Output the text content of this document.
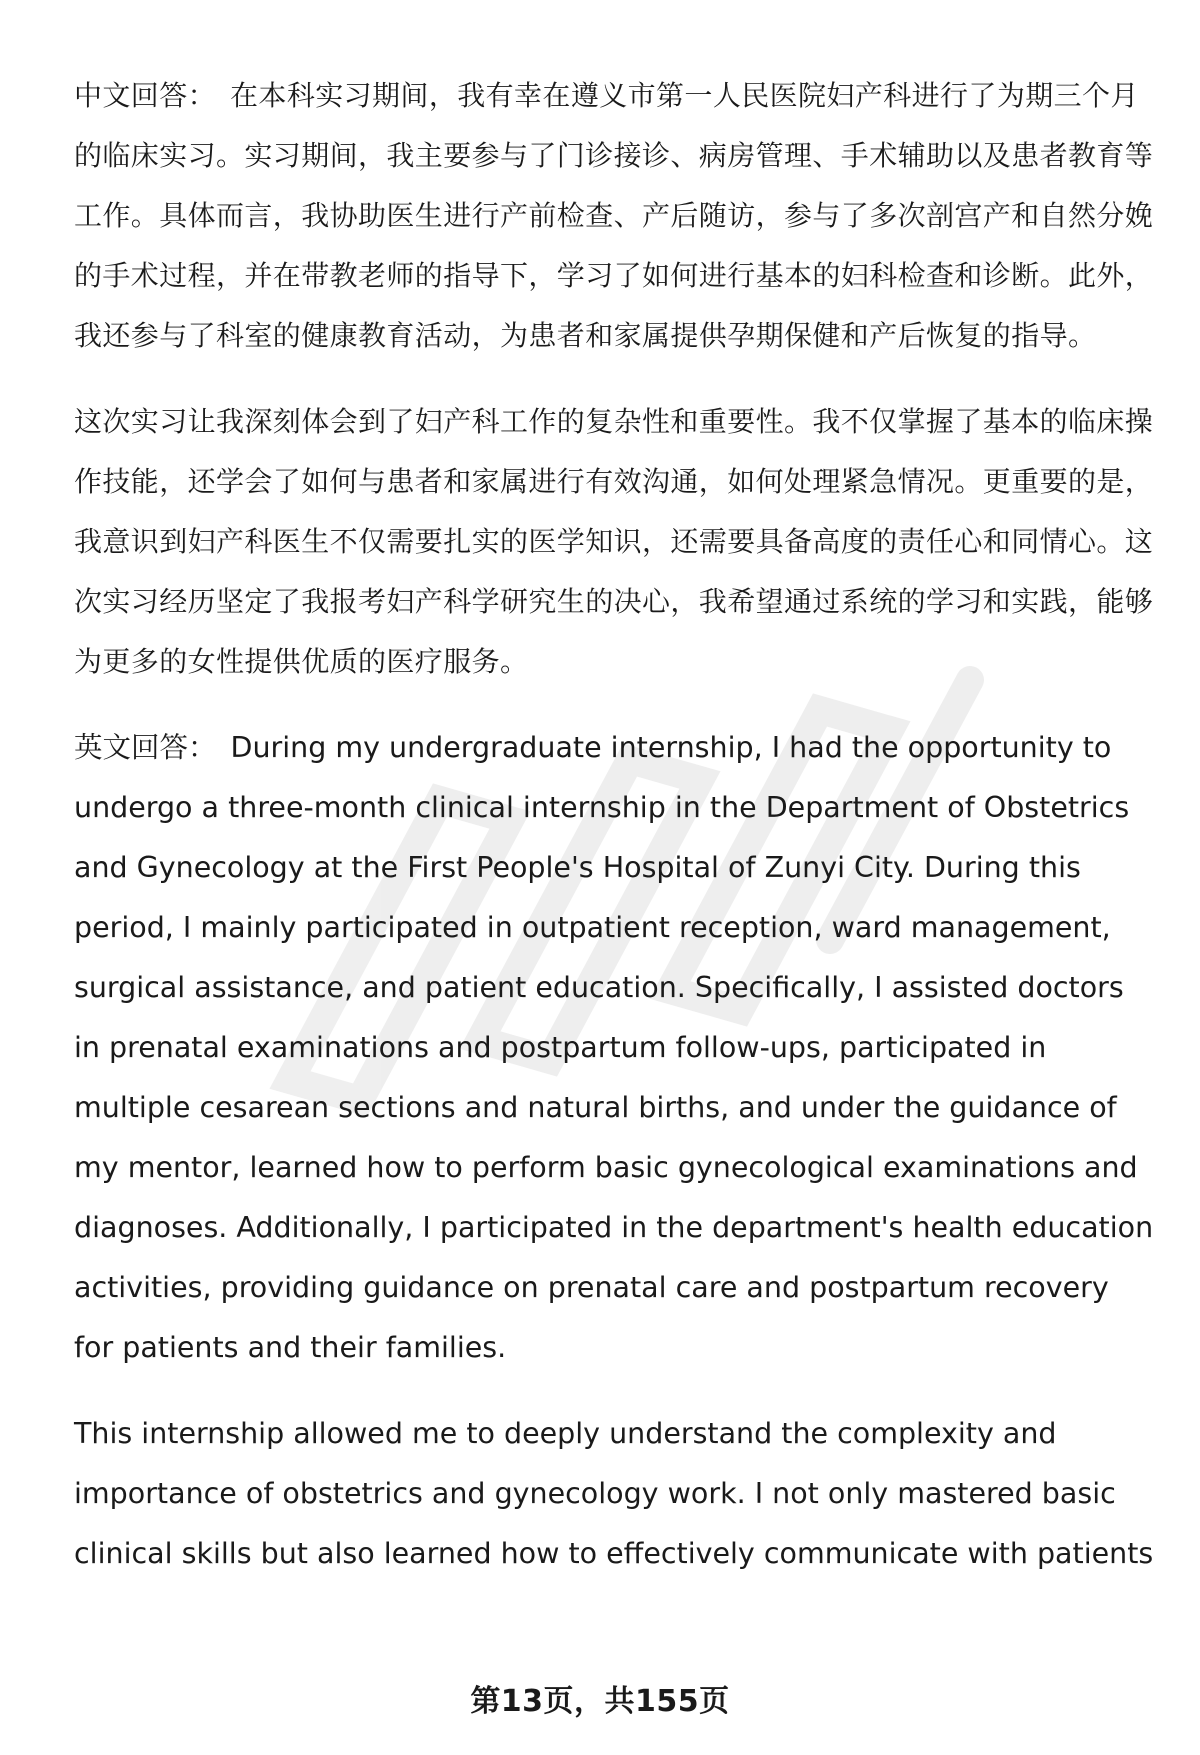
中文回答： 在本科实习期间，我有幸在遵义市第一人民医院妇产科进行了为期三个月的临床实习。实习期间，我主要参与了门诊接诊、病房管理、手术辅助以及患者教育等工作。具体而言，我协助医生进行产前检查、产后随访，参与了多次剖宫产和自然分娩的手术过程，并在带教老师的指导下，学习了如何进行基本的妇科检查和诊断。此外，我还参与了科室的健康教育活动，为患者和家属提供孕期保健和产后恢复的指导。

这次实习让我深刻体会到了妇产科工作的复杂性和重要性。我不仅掌握了基本的临床操作技能，还学会了如何与患者和家属进行有效沟通，如何处理紧急情况。更重要的是，我意识到妇产科医生不仅需要扎实的医学知识，还需要具备高度的责任心和同情心。这次实习经历坚定了我报考妇产科学研究生的决心，我希望通过系统的学习和实践，能够为更多的女性提供优质的医疗服务。

英文回答： During my undergraduate internship, I had the opportunity to undergo a three-month clinical internship in the Department of Obstetrics and Gynecology at the First People's Hospital of Zunyi City. During this period, I mainly participated in outpatient reception, ward management, surgical assistance, and patient education. Specifically, I assisted doctors in prenatal examinations and postpartum follow-ups, participated in multiple cesarean sections and natural births, and under the guidance of my mentor, learned how to perform basic gynecological examinations and diagnoses. Additionally, I participated in the department's health education activities, providing guidance on prenatal care and postpartum recovery for patients and their families.

This internship allowed me to deeply understand the complexity and importance of obstetrics and gynecology work. I not only mastered basic clinical skills but also learned how to effectively communicate with patients

第13页，共155页
